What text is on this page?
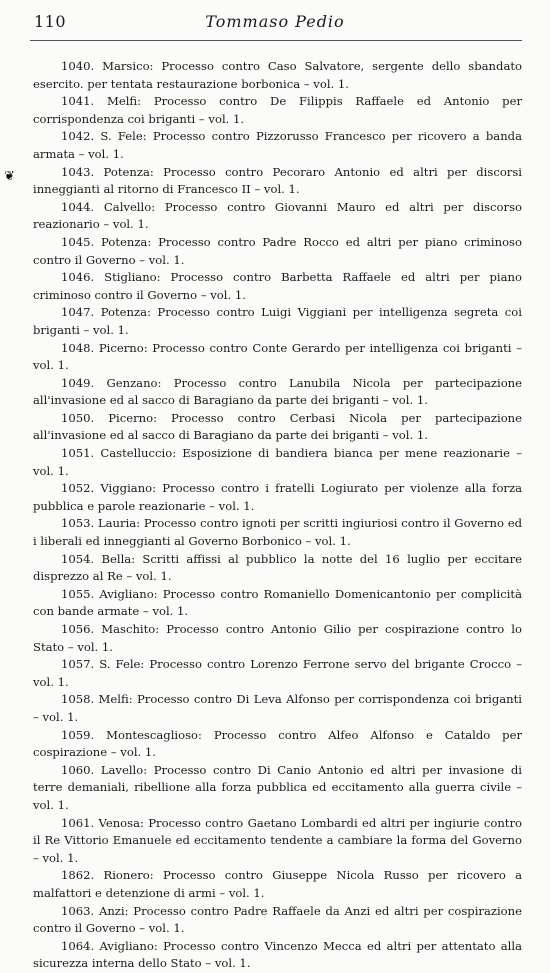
110	Tommaso Pedio
❦

1040. Marsico: Processo contro Caso Salvatore, sergente dello sbandato esercito. per tentata restaurazione borbonica – vol. 1.

1041. Melfi: Processo contro De Filippis Raffaele ed Antonio per corrispondenza coi briganti – vol. 1.

1042. S. Fele: Processo contro Pizzorusso Francesco per ricovero a banda armata – vol. 1.

1043. Potenza: Processo contro Pecoraro Antonio ed altri per discorsi inneggianti al ritorno di Francesco II – vol. 1.

1044. Calvello: Processo contro Giovanni Mauro ed altri per discorso reazionario – vol. 1.

1045. Potenza: Processo contro Padre Rocco ed altri per piano criminoso contro il Governo – vol. 1.

1046. Stigliano: Processo contro Barbetta Raffaele ed altri per piano criminoso contro il Governo – vol. 1.

1047. Potenza: Processo contro Luigi Viggiani per intelligenza segreta coi briganti – vol. 1.

1048. Picerno: Processo contro Conte Gerardo per intelligenza coi briganti – vol. 1.

1049. Genzano: Processo contro Lanubila Nicola per partecipazione all'invasione ed al sacco di Baragiano da parte dei briganti – vol. 1.

1050. Picerno: Processo contro Cerbasi Nicola per partecipazione all'invasione ed al sacco di Baragiano da parte dei briganti – vol. 1.

1051. Castelluccio: Esposizione di bandiera bianca per mene reazionarie – vol. 1.

1052. Viggiano: Processo contro i fratelli Logiurato per violenze alla forza pubblica e parole reazionarie – vol. 1.

1053. Lauria: Processo contro ignoti per scritti ingiuriosi contro il Governo ed i liberali ed inneggianti al Governo Borbonico – vol. 1.

1054. Bella: Scritti affissi al pubblico la notte del 16 luglio per eccitare disprezzo al Re – vol. 1.

1055. Avigliano: Processo contro Romaniello Domenicantonio per complicità con bande armate – vol. 1.

1056. Maschito: Processo contro Antonio Gilio per cospirazione contro lo Stato – vol. 1.

1057. S. Fele: Processo contro Lorenzo Ferrone servo del brigante Crocco – vol. 1.

1058. Melfi: Processo contro Di Leva Alfonso per corrispondenza coi briganti – vol. 1.

1059. Montescaglioso: Processo contro Alfeo Alfonso e Cataldo per cospirazione – vol. 1.

1060. Lavello: Processo contro Di Canio Antonio ed altri per invasione di terre demaniali, ribellione alla forza pubblica ed eccitamento alla guerra civile – vol. 1.

1061. Venosa: Processo contro Gaetano Lombardi ed altri per ingiurie contro il Re Vittorio Emanuele ed eccitamento tendente a cambiare la forma del Governo – vol. 1.

1862. Rionero: Processo contro Giuseppe Nicola Russo per ricovero a malfattori e detenzione di armi – vol. 1.

1063. Anzi: Processo contro Padre Raffaele da Anzi ed altri per cospirazione contro il Governo – vol. 1.

1064. Avigliano: Processo contro Vincenzo Mecca ed altri per attentato alla sicurezza interna dello Stato – vol. 1.
